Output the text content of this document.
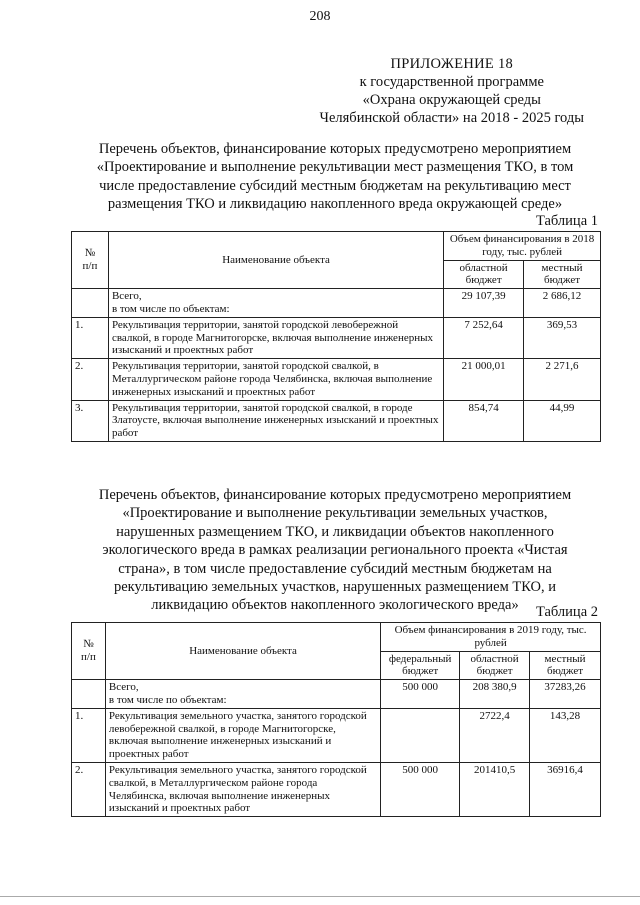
208
ПРИЛОЖЕНИЕ 18
к государственной программе
«Охрана окружающей среды
Челябинской области» на 2018 - 2025 годы
Перечень объектов, финансирование которых предусмотрено мероприятием
«Проектирование и выполнение рекультивации мест размещения ТКО, в том
числе предоставление субсидий местным бюджетам на рекультивацию мест
размещения ТКО и ликвидацию накопленного вреда окружающей среде»
Таблица 1
№
п/п	Наименование объекта	Объем финансирования в 2018 году, тыс. рублей	
		областной бюджет	местный бюджет
	Всего,
в том числе по объектам:	29 107,39	2 686,12
1.	Рекультивация территории, занятой городской левобережной свалкой, в городе Магнитогорске, включая выполнение инженерных изысканий и проектных работ	7 252,64	369,53
2.	Рекультивация территории, занятой городской свалкой, в Металлургическом районе города Челябинска, включая выполнение инженерных изысканий и проектных работ	21 000,01	2 271,6
3.	Рекультивация территории, занятой городской свалкой, в городе Златоусте, включая выполнение инженерных изысканий и проектных работ	854,74	44,99
Перечень объектов, финансирование которых предусмотрено мероприятием
«Проектирование и выполнение рекультивации земельных участков,
нарушенных размещением ТКО, и ликвидации объектов накопленного
экологического вреда в рамках реализации регионального проекта «Чистая
страна», в том числе предоставление субсидий местным бюджетам на
рекультивацию земельных участков, нарушенных размещением ТКО, и
ликвидацию объектов накопленного экологического вреда»	Таблица 2
№
п/п	Наименование объекта	Объем финансирования в 2019 году, тыс. рублей		
		федеральный бюджет	областной бюджет	местный бюджет
	Всего,
в том числе по объектам:	500 000	208 380,9	37283,26
1.	Рекультивация земельного участка, занятого городской левобережной свалкой, в городе Магнитогорске, включая выполнение инженерных изысканий и проектных работ		2722,4	143,28
2.	Рекультивация земельного участка, занятого городской свалкой, в Металлургическом районе города Челябинска, включая выполнение инженерных изысканий и проектных работ	500 000	201410,5	36916,4
